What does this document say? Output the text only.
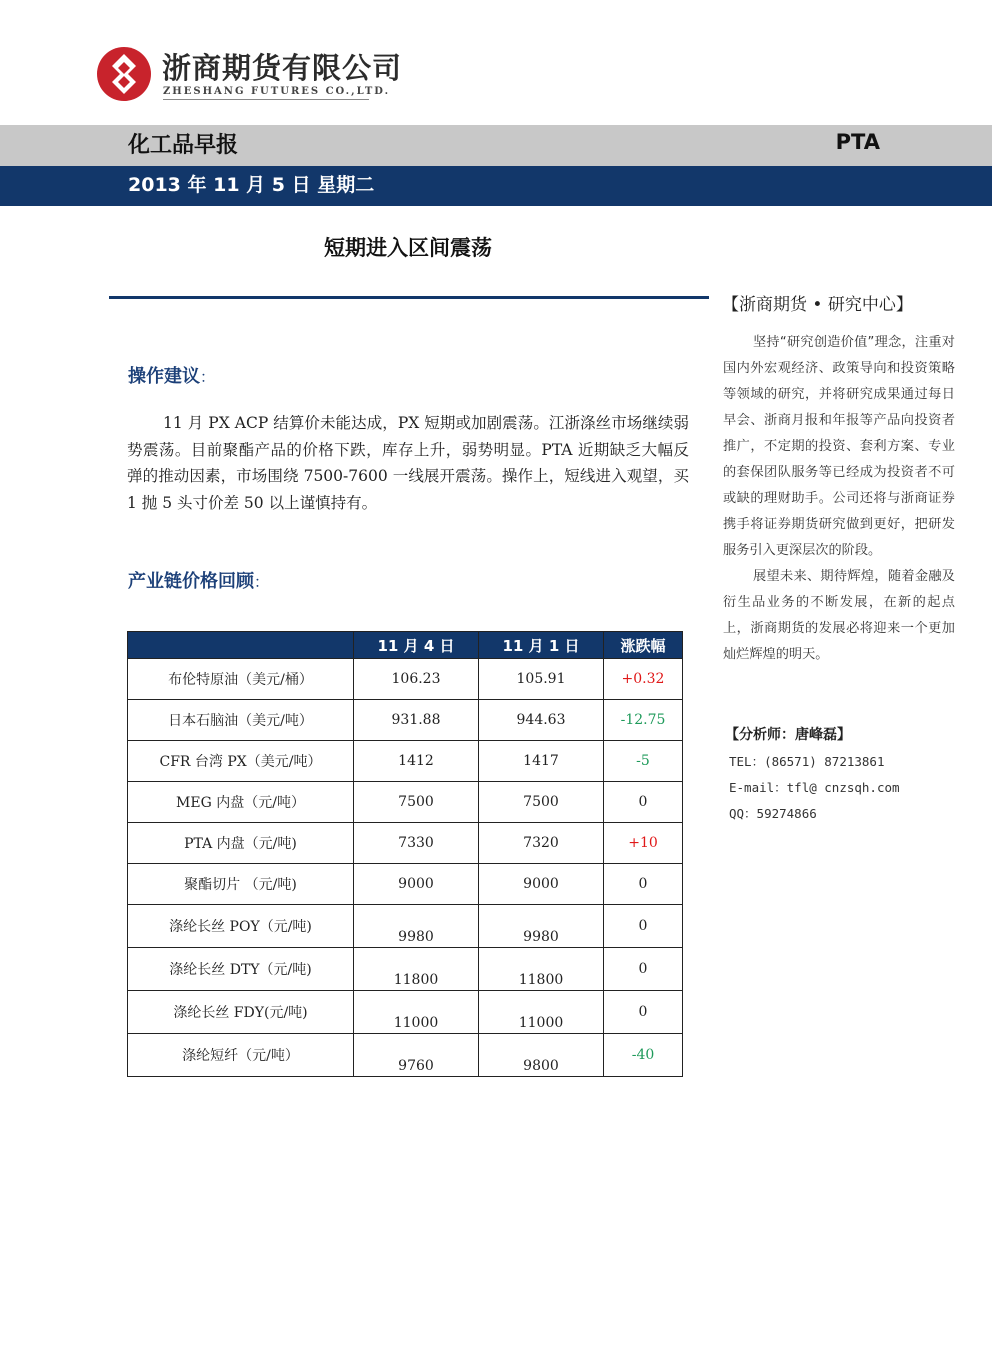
浙商期货有限公司
ZHESHANG FUTURES CO.,LTD.
化工品早报	PTA
2013 年 11 月 5 日 星期二
短期进入区间震荡
操作建议：
11 月 PX ACP 结算价未能达成，PX 短期或加剧震荡。江浙涤丝市场继续弱势震荡。目前聚酯产品的价格下跌，库存上升，弱势明显。PTA 近期缺乏大幅反弹的推动因素，市场围绕 7500-7600 一线展开震荡。操作上，短线进入观望，买 1 抛 5 头寸价差 50 以上谨慎持有。
产业链价格回顾：
	11 月 4 日	11 月 1 日	涨跌幅
布伦特原油（美元/桶）	106.23	105.91	+0.32
日本石脑油（美元/吨）	931.88	944.63	-12.75
CFR 台湾 PX（美元/吨）	1412	1417	-5
MEG 内盘（元/吨）	7500	7500	0
PTA 内盘（元/吨)	7330	7320	+10
聚酯切片 （元/吨)	9000	9000	0
涤纶长丝 POY（元/吨)	9980	9980	0
涤纶长丝 DTY（元/吨)	11800	11800	0
涤纶长丝 FDY(元/吨)	11000	11000	0
涤纶短纤（元/吨）	9760	9800	-40
【浙商期货 • 研究中心】

坚持“研究创造价值”理念，注重对国内外宏观经济、政策导向和投资策略等领域的研究，并将研究成果通过每日早会、浙商月报和年报等产品向投资者推广，不定期的投资、套利方案、专业的套保团队服务等已经成为投资者不可或缺的理财助手。公司还将与浙商证券携手将证券期货研究做到更好，把研发服务引入更深层次的阶段。

展望未来、期待辉煌，随着金融及衍生品业务的不断发展，在新的起点上，浙商期货的发展必将迎来一个更加灿烂辉煌的明天。

【分析师：唐峰磊】
TEL：(86571) 87213861
E-mail：tfl@ cnzsqh.com
QQ：59274866
